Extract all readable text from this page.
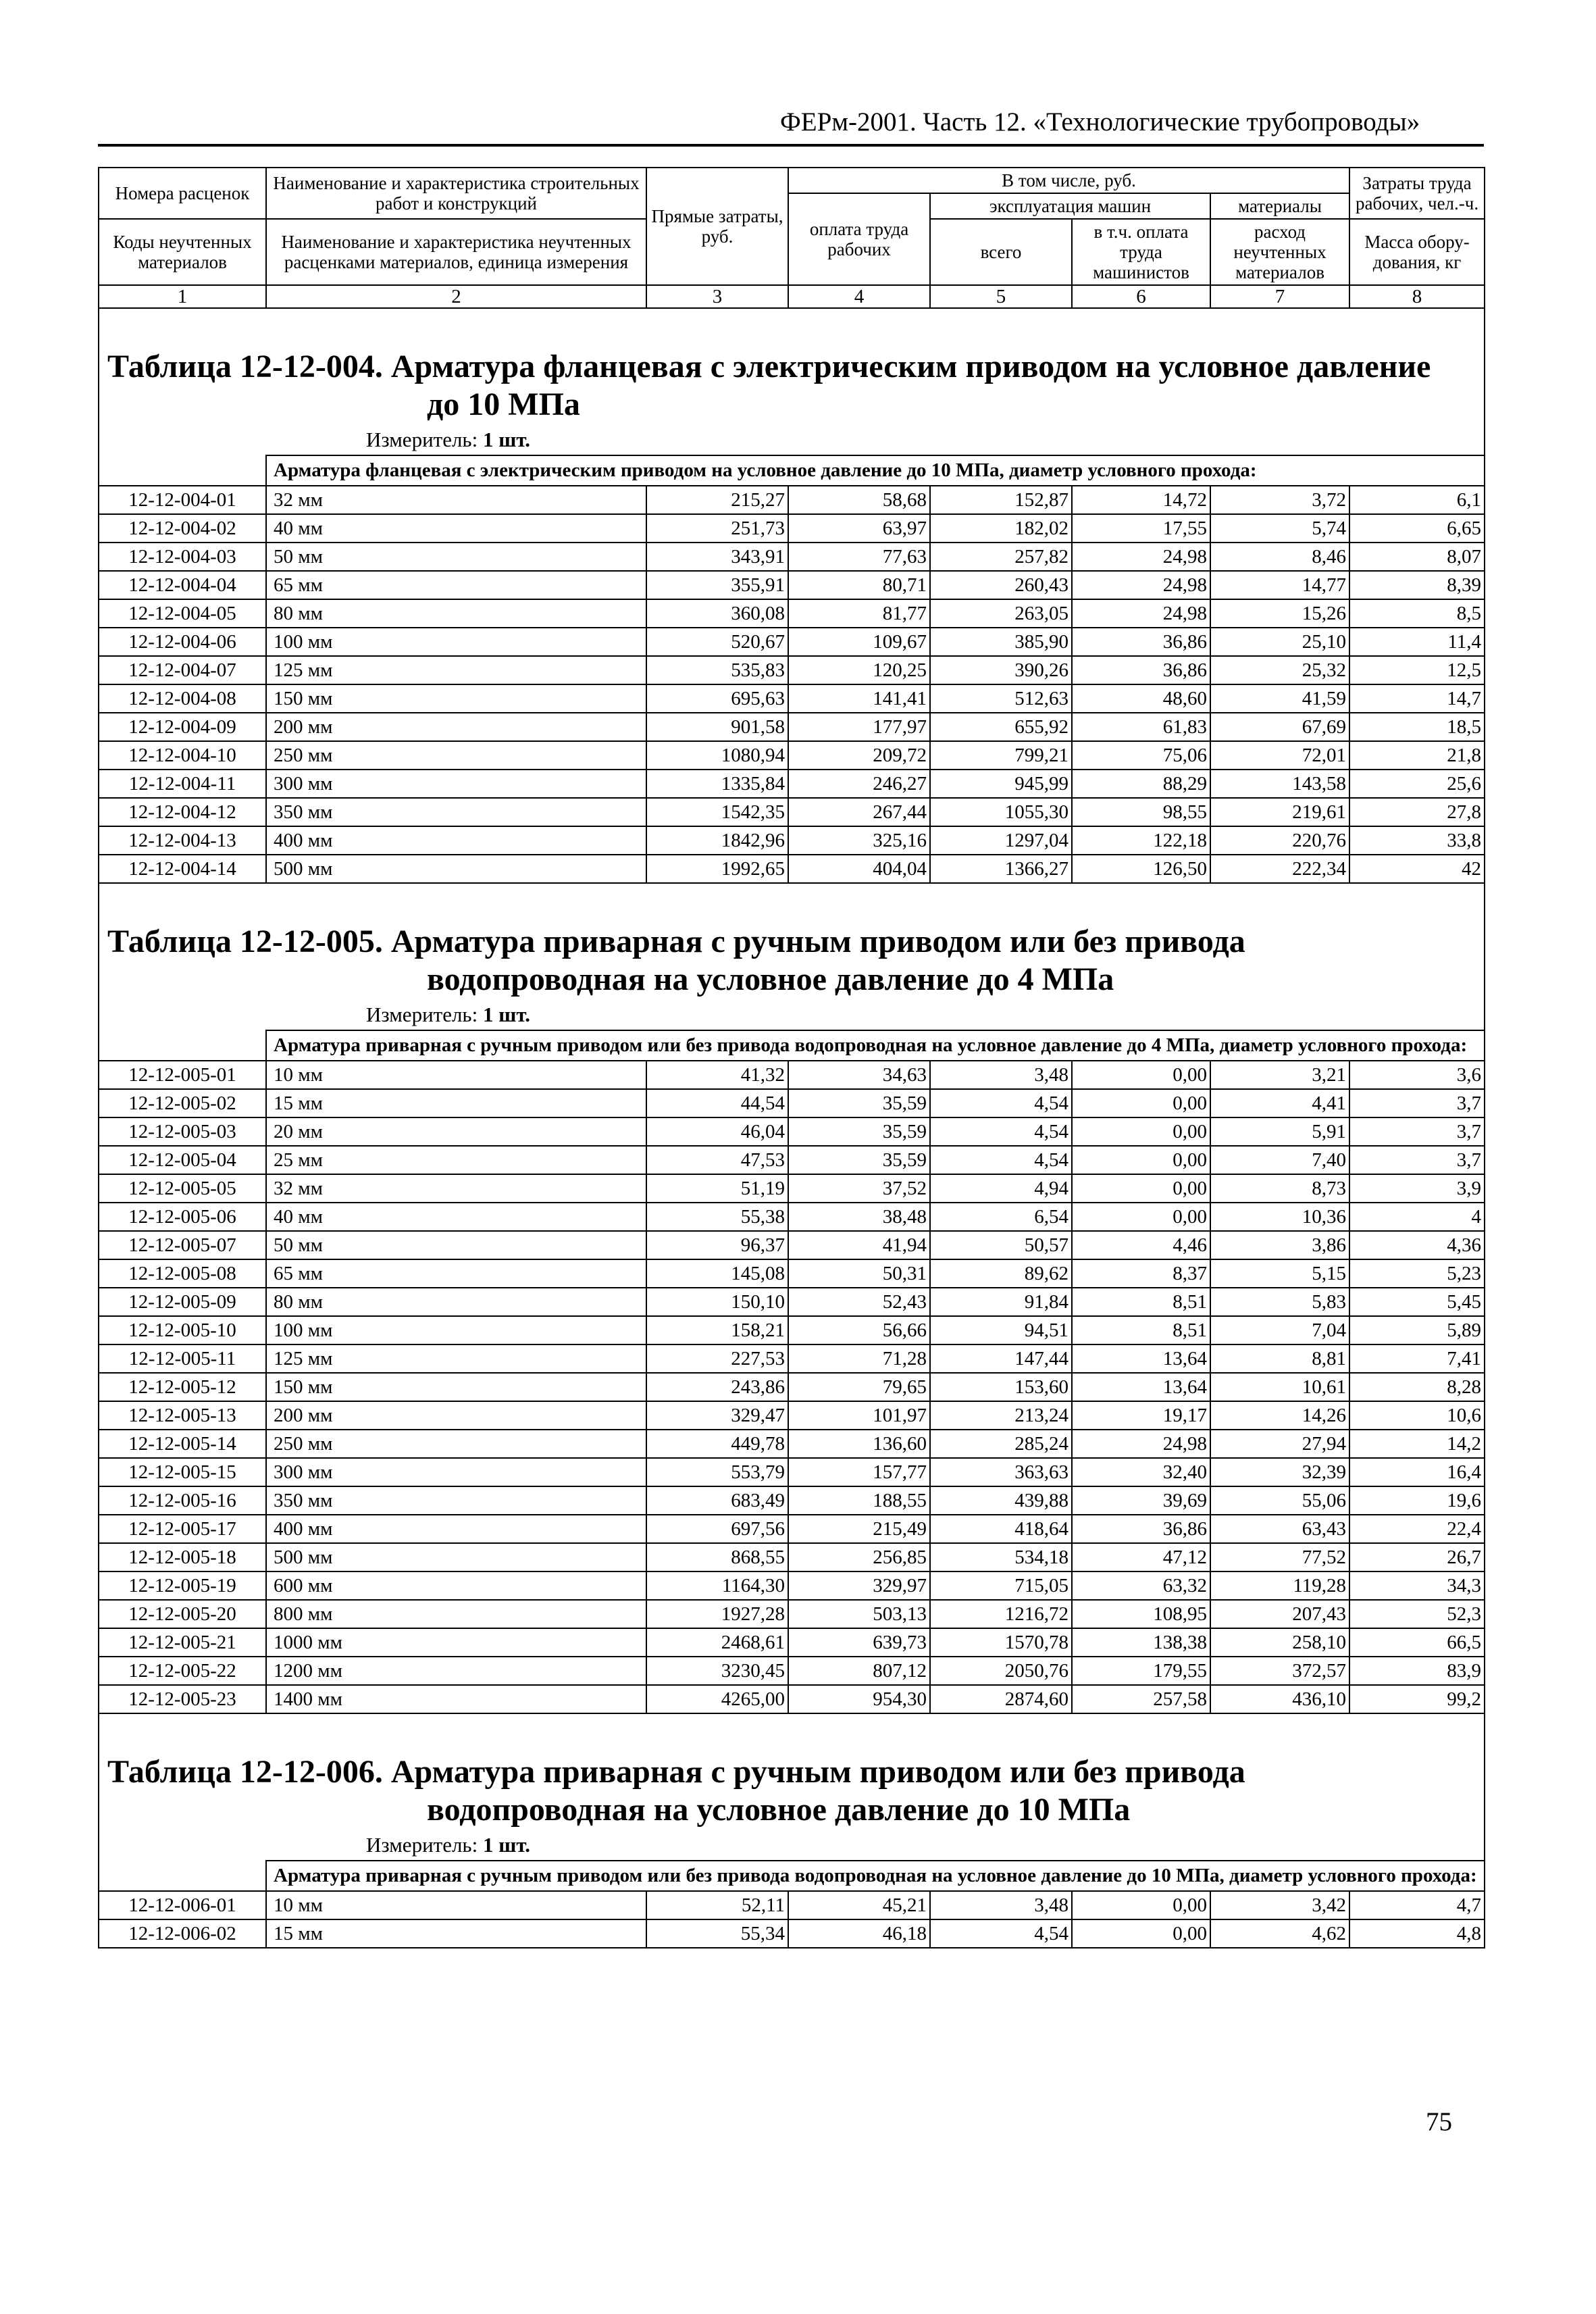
ФЕРм-2001. Часть 12. «Технологические трубопроводы»
Номера расценок	Наименование и характеристика строительных работ и конструкций	Прямые затраты, руб.	В том числе, руб.				Затраты труда рабочих, чел.-ч.
			оплата труда рабочих	эксплуатация машин		материалы	
Коды неучтенных материалов	Наименование и характеристика неучтенных расценками материалов, единица измерения			всего	в т.ч. оплата труда машинистов	расход неучтенных материалов	
							Масса обору-дования, кг
1	2	3	4	5	6	7	8
Таблица 12-12-004. Арматура фланцевая с электрическим приводом на условное давление
до 10 МПа							

Измеритель: 1 шт.							
	Арматура фланцевая с электрическим приводом на условное давление до 10 МПа, диаметр условного прохода:						
12-12-004-01	32 мм	215,27	58,68	152,87	14,72	3,72	6,1
12-12-004-02	40 мм	251,73	63,97	182,02	17,55	5,74	6,65
12-12-004-03	50 мм	343,91	77,63	257,82	24,98	8,46	8,07
12-12-004-04	65 мм	355,91	80,71	260,43	24,98	14,77	8,39
12-12-004-05	80 мм	360,08	81,77	263,05	24,98	15,26	8,5
12-12-004-06	100 мм	520,67	109,67	385,90	36,86	25,10	11,4
12-12-004-07	125 мм	535,83	120,25	390,26	36,86	25,32	12,5
12-12-004-08	150 мм	695,63	141,41	512,63	48,60	41,59	14,7
12-12-004-09	200 мм	901,58	177,97	655,92	61,83	67,69	18,5
12-12-004-10	250 мм	1080,94	209,72	799,21	75,06	72,01	21,8
12-12-004-11	300 мм	1335,84	246,27	945,99	88,29	143,58	25,6
12-12-004-12	350 мм	1542,35	267,44	1055,30	98,55	219,61	27,8
12-12-004-13	400 мм	1842,96	325,16	1297,04	122,18	220,76	33,8
12-12-004-14	500 мм	1992,65	404,04	1366,27	126,50	222,34	42
Таблица 12-12-005. Арматура приварная с ручным приводом или без привода
водопроводная на условное давление до 4 МПа							

Измеритель: 1 шт.							
	Арматура приварная с ручным приводом или без привода водопроводная на условное давление до 4 МПа, диаметр условного прохода:						
12-12-005-01	10 мм	41,32	34,63	3,48	0,00	3,21	3,6
12-12-005-02	15 мм	44,54	35,59	4,54	0,00	4,41	3,7
12-12-005-03	20 мм	46,04	35,59	4,54	0,00	5,91	3,7
12-12-005-04	25 мм	47,53	35,59	4,54	0,00	7,40	3,7
12-12-005-05	32 мм	51,19	37,52	4,94	0,00	8,73	3,9
12-12-005-06	40 мм	55,38	38,48	6,54	0,00	10,36	4
12-12-005-07	50 мм	96,37	41,94	50,57	4,46	3,86	4,36
12-12-005-08	65 мм	145,08	50,31	89,62	8,37	5,15	5,23
12-12-005-09	80 мм	150,10	52,43	91,84	8,51	5,83	5,45
12-12-005-10	100 мм	158,21	56,66	94,51	8,51	7,04	5,89
12-12-005-11	125 мм	227,53	71,28	147,44	13,64	8,81	7,41
12-12-005-12	150 мм	243,86	79,65	153,60	13,64	10,61	8,28
12-12-005-13	200 мм	329,47	101,97	213,24	19,17	14,26	10,6
12-12-005-14	250 мм	449,78	136,60	285,24	24,98	27,94	14,2
12-12-005-15	300 мм	553,79	157,77	363,63	32,40	32,39	16,4
12-12-005-16	350 мм	683,49	188,55	439,88	39,69	55,06	19,6
12-12-005-17	400 мм	697,56	215,49	418,64	36,86	63,43	22,4
12-12-005-18	500 мм	868,55	256,85	534,18	47,12	77,52	26,7
12-12-005-19	600 мм	1164,30	329,97	715,05	63,32	119,28	34,3
12-12-005-20	800 мм	1927,28	503,13	1216,72	108,95	207,43	52,3
12-12-005-21	1000 мм	2468,61	639,73	1570,78	138,38	258,10	66,5
12-12-005-22	1200 мм	3230,45	807,12	2050,76	179,55	372,57	83,9
12-12-005-23	1400 мм	4265,00	954,30	2874,60	257,58	436,10	99,2
Таблица 12-12-006. Арматура приварная с ручным приводом или без привода
водопроводная на условное давление до 10 МПа							

Измеритель: 1 шт.							
	Арматура приварная с ручным приводом или без привода водопроводная на условное давление до 10 МПа, диаметр условного прохода:						
12-12-006-01	10 мм	52,11	45,21	3,48	0,00	3,42	4,7
12-12-006-02	15 мм	55,34	46,18	4,54	0,00	4,62	4,8
75
